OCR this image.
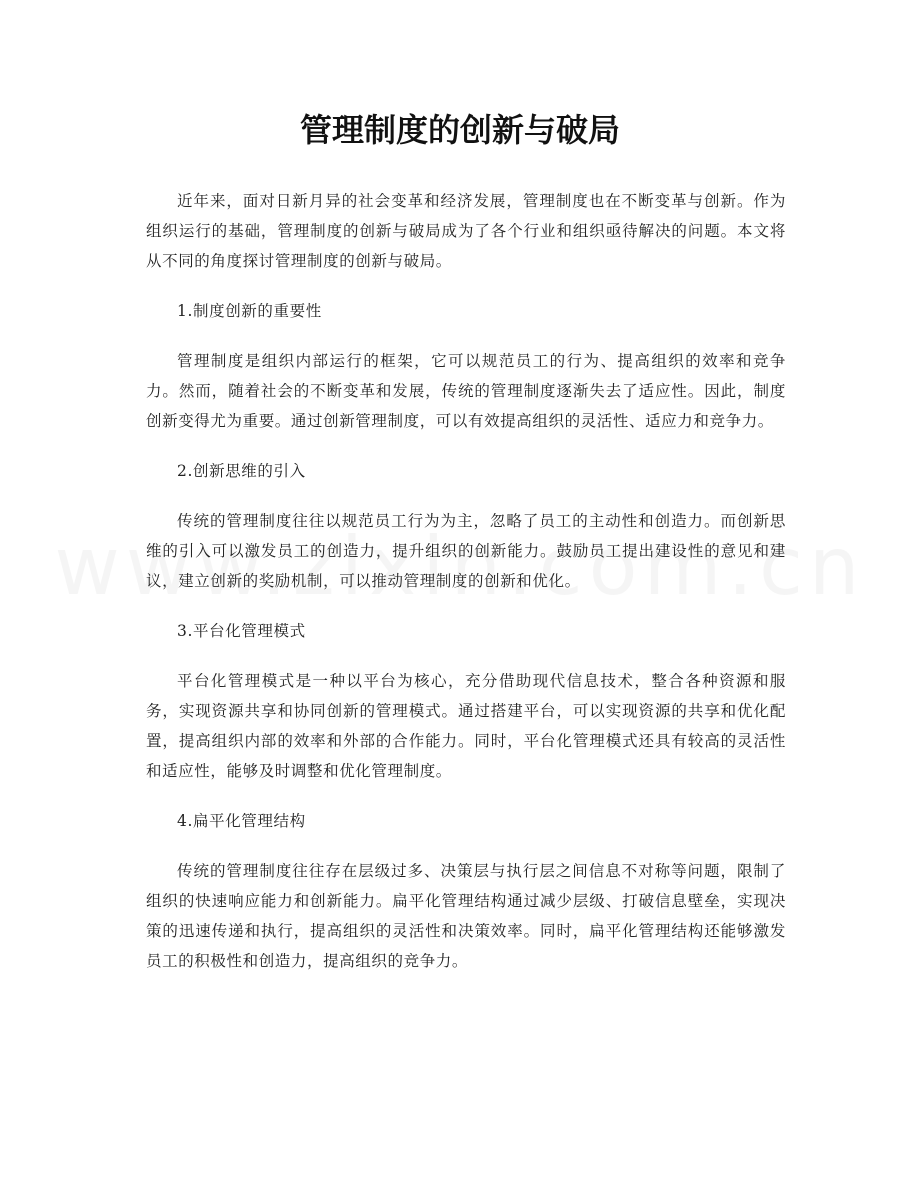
管理制度的创新与破局

近年来，面对日新月异的社会变革和经济发展，管理制度也在不断变革与创新。作为组织运行的基础，管理制度的创新与破局成为了各个行业和组织亟待解决的问题。本文将从不同的角度探讨管理制度的创新与破局。

1.制度创新的重要性

管理制度是组织内部运行的框架，它可以规范员工的行为、提高组织的效率和竞争力。然而，随着社会的不断变革和发展，传统的管理制度逐渐失去了适应性。因此，制度创新变得尤为重要。通过创新管理制度，可以有效提高组织的灵活性、适应力和竞争力。

2.创新思维的引入

传统的管理制度往往以规范员工行为为主，忽略了员工的主动性和创造力。而创新思维的引入可以激发员工的创造力，提升组织的创新能力。鼓励员工提出建设性的意见和建议，建立创新的奖励机制，可以推动管理制度的创新和优化。

3.平台化管理模式

平台化管理模式是一种以平台为核心，充分借助现代信息技术，整合各种资源和服务，实现资源共享和协同创新的管理模式。通过搭建平台，可以实现资源的共享和优化配置，提高组织内部的效率和外部的合作能力。同时，平台化管理模式还具有较高的灵活性和适应性，能够及时调整和优化管理制度。

4.扁平化管理结构

传统的管理制度往往存在层级过多、决策层与执行层之间信息不对称等问题，限制了组织的快速响应能力和创新能力。扁平化管理结构通过减少层级、打破信息壁垒，实现决策的迅速传递和执行，提高组织的灵活性和决策效率。同时，扁平化管理结构还能够激发员工的积极性和创造力，提高组织的竞争力。
